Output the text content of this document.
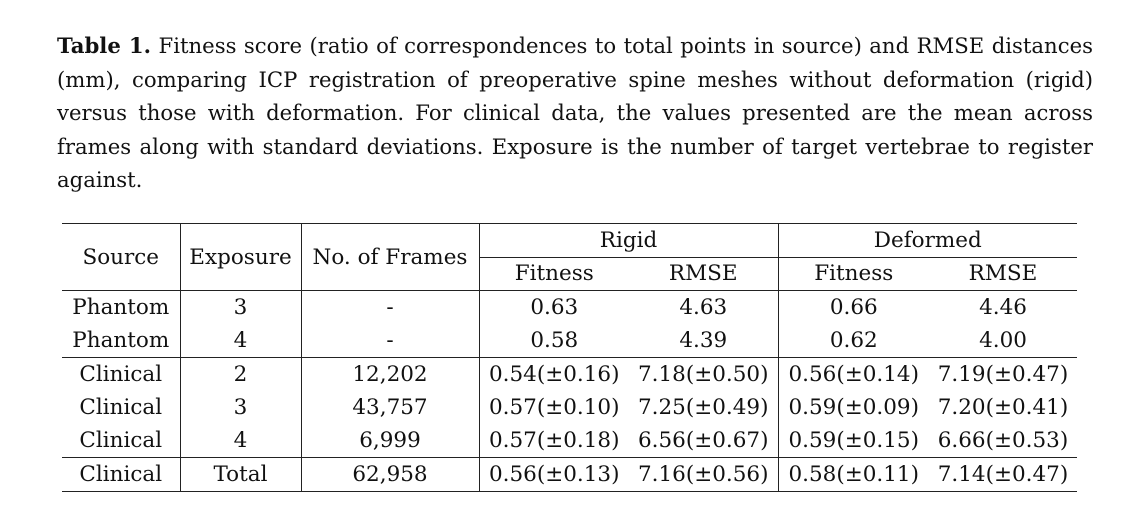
Table 1. Fitness score (ratio of correspondences to total points in source) and RMSE distances (mm), comparing ICP registration of preoperative spine meshes without deformation (rigid) versus those with deformation. For clinical data, the values presented are the mean across frames along with standard deviations. Exposure is the number of target vertebrae to register against.
Source	Exposure	No. of Frames	Rigid		Deformed	
			Fitness	RMSE	Fitness	RMSE
Phantom	3	-	0.63	4.63	0.66	4.46
Phantom	4	-	0.58	4.39	0.62	4.00
Clinical	2	12,202	0.54(±0.16)	7.18(±0.50)	0.56(±0.14)	7.19(±0.47)
Clinical	3	43,757	0.57(±0.10)	7.25(±0.49)	0.59(±0.09)	7.20(±0.41)
Clinical	4	6,999	0.57(±0.18)	6.56(±0.67)	0.59(±0.15)	6.66(±0.53)
Clinical	Total	62,958	0.56(±0.13)	7.16(±0.56)	0.58(±0.11)	7.14(±0.47)
